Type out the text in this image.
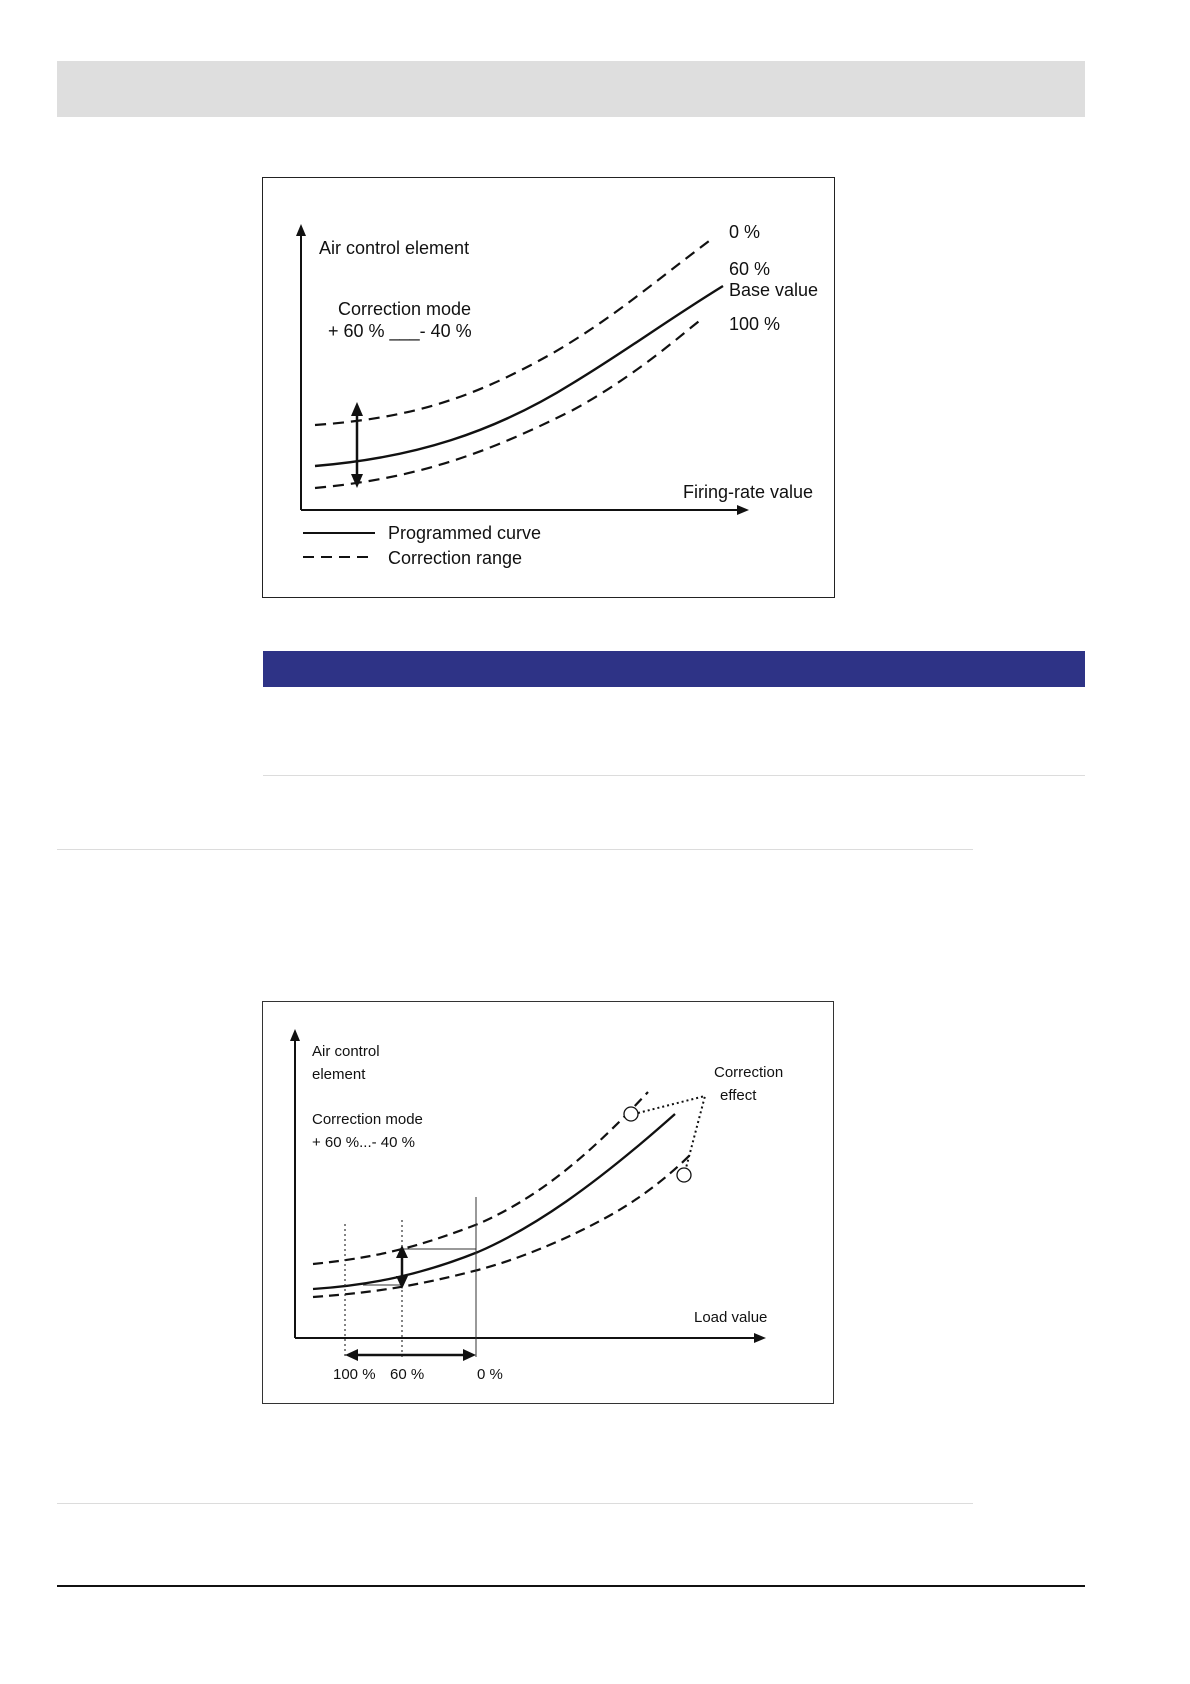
Air control element
Correction mode
+ 60 % ___- 40 %
0 %
60 %
Base value
100 %
Firing-rate value
Programmed curve
Correction range
Air control
element
Correction mode
+ 60 %...- 40 %
Correction
effect
Load value
100 % 60 %	0 %
